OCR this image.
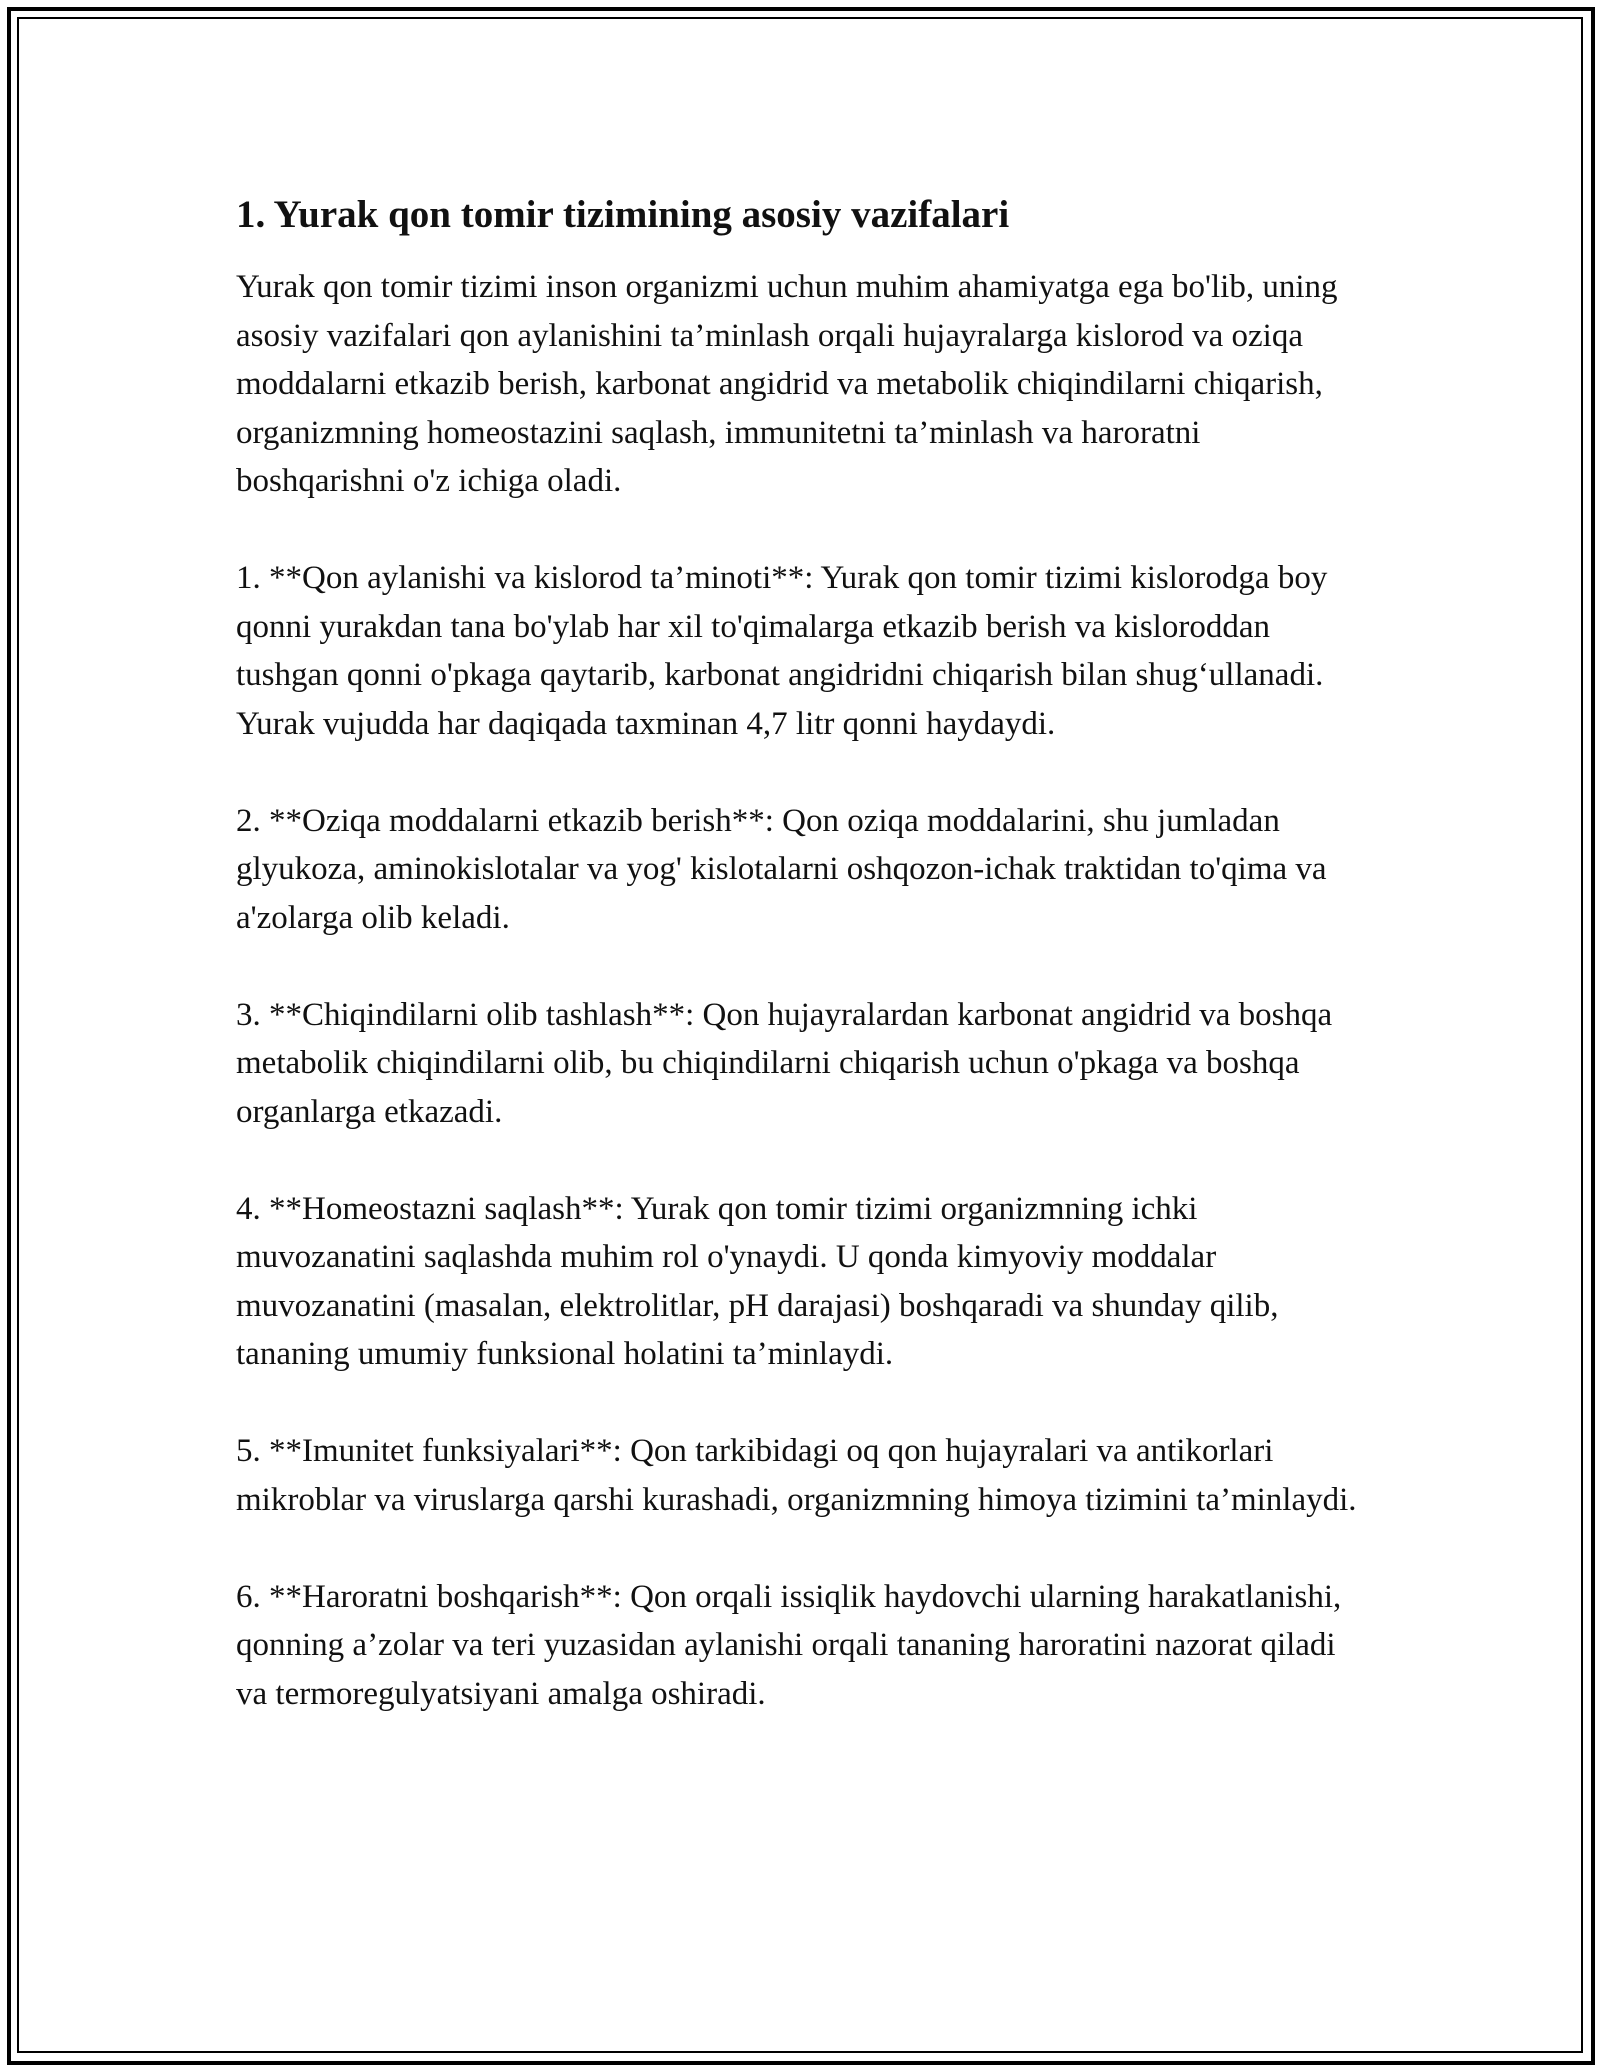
1. Yurak qon tomir tizimining asosiy vazifalari

Yurak qon tomir tizimi inson organizmi uchun muhim ahamiyatga ega bo'lib, uning asosiy vazifalari qon aylanishini ta’minlash orqali hujayralarga kislorod va oziqa moddalarni etkazib berish, karbonat angidrid va metabolik chiqindilarni chiqarish, organizmning homeostazini saqlash, immunitetni ta’minlash va haroratni boshqarishni o'z ichiga oladi.

1. **Qon aylanishi va kislorod ta’minoti**: Yurak qon tomir tizimi kislorodga boy qonni yurakdan tana bo'ylab har xil to'qimalarga etkazib berish va kisloroddan tushgan qonni o'pkaga qaytarib, karbonat angidridni chiqarish bilan shug‘ullanadi. Yurak vujudda har daqiqada taxminan 4,7 litr qonni haydaydi.

2. **Oziqa moddalarni etkazib berish**: Qon oziqa moddalarini, shu jumladan glyukoza, aminokislotalar va yog' kislotalarni oshqozon-ichak traktidan to'qima va a'zolarga olib keladi.

3. **Chiqindilarni olib tashlash**: Qon hujayralardan karbonat angidrid va boshqa metabolik chiqindilarni olib, bu chiqindilarni chiqarish uchun o'pkaga va boshqa organlarga etkazadi.

4. **Homeostazni saqlash**: Yurak qon tomir tizimi organizmning ichki muvozanatini saqlashda muhim rol o'ynaydi. U qonda kimyoviy moddalar muvozanatini (masalan, elektrolitlar, pH darajasi) boshqaradi va shunday qilib, tananing umumiy funksional holatini ta’minlaydi.

5. **Imunitet funksiyalari**: Qon tarkibidagi oq qon hujayralari va antikorlari mikroblar va viruslarga qarshi kurashadi, organizmning himoya tizimini ta’minlaydi.

6. **Haroratni boshqarish**: Qon orqali issiqlik haydovchi ularning harakatlanishi, qonning a’zolar va teri yuzasidan aylanishi orqali tananing haroratini nazorat qiladi va termoregulyatsiyani amalga oshiradi.
